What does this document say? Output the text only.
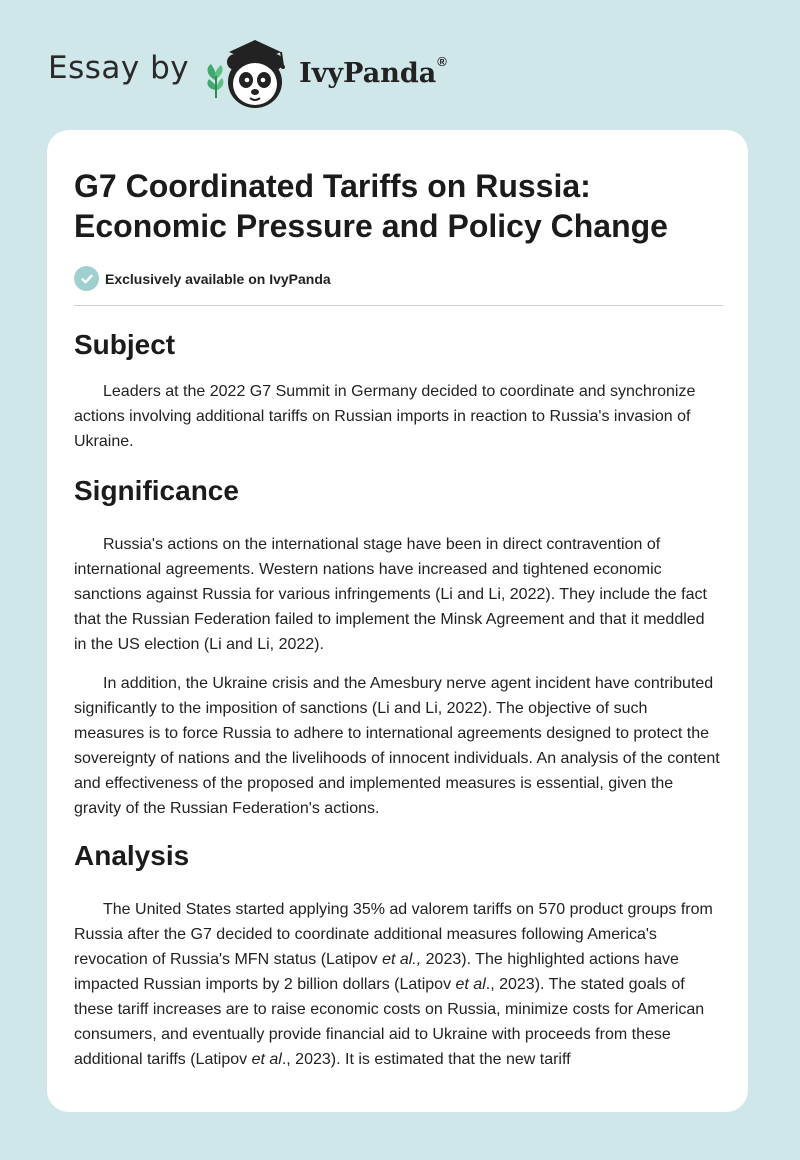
Essay by	IvyPanda®
G7 Coordinated Tariffs on Russia:
Economic Pressure and Policy Change
Exclusively available on IvyPanda
Subject

Leaders at the 2022 G7 Summit in Germany decided to coordinate and synchronize actions involving additional tariffs on Russian imports in reaction to Russia's invasion of Ukraine.

Significance

Russia's actions on the international stage have been in direct contravention of international agreements. Western nations have increased and tightened economic sanctions against Russia for various infringements (Li and Li, 2022). They include the fact that the Russian Federation failed to implement the Minsk Agreement and that it meddled in the US election (Li and Li, 2022).

In addition, the Ukraine crisis and the Amesbury nerve agent incident have contributed significantly to the imposition of sanctions (Li and Li, 2022). The objective of such measures is to force Russia to adhere to international agreements designed to protect the sovereignty of nations and the livelihoods of innocent individuals. An analysis of the content and effectiveness of the proposed and implemented measures is essential, given the gravity of the Russian Federation's actions.

Analysis

The United States started applying 35% ad valorem tariffs on 570 product groups from Russia after the G7 decided to coordinate additional measures following America's revocation of Russia's MFN status (Latipov et al., 2023). The highlighted actions have impacted Russian imports by 2 billion dollars (Latipov et al., 2023). The stated goals of these tariff increases are to raise economic costs on Russia, minimize costs for American consumers, and eventually provide financial aid to Ukraine with proceeds from these additional tariffs (Latipov et al., 2023). It is estimated that the new tariff
